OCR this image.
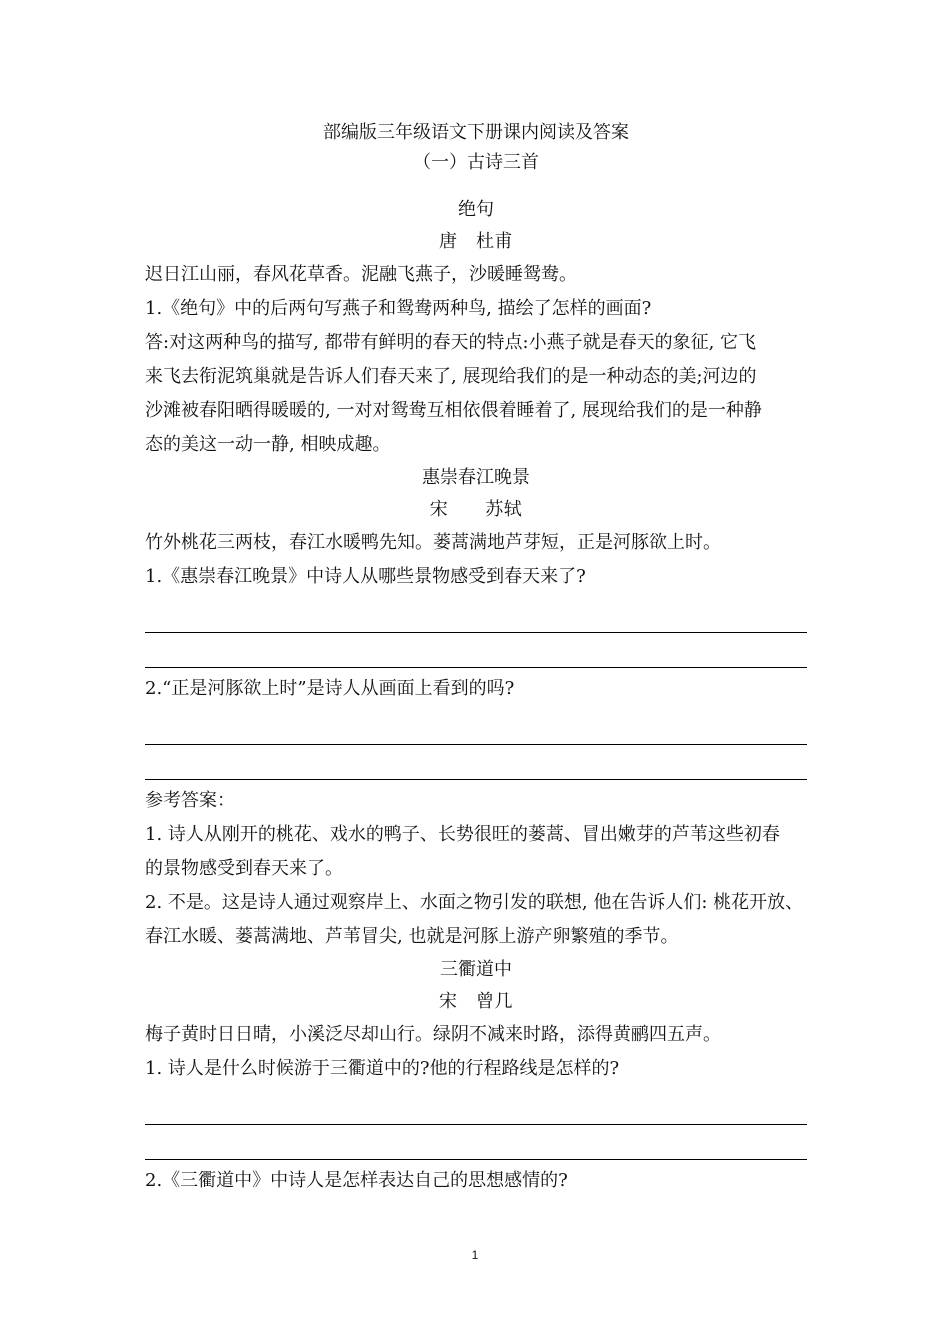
部编版三年级语文下册课内阅读及答案
（一）古诗三首
绝句
唐　杜甫

迟日江山丽，春风花草香。泥融飞燕子，沙暖睡鸳鸯。

1.《绝句》中的后两句写燕子和鸳鸯两种鸟, 描绘了怎样的画面?

答:对这两种鸟的描写, 都带有鲜明的春天的特点:小燕子就是春天的象征, 它飞

来飞去衔泥筑巢就是告诉人们春天来了, 展现给我们的是一种动态的美;河边的

沙滩被春阳晒得暖暖的, 一对对鸳鸯互相依偎着睡着了, 展现给我们的是一种静

态的美这一动一静, 相映成趣。

惠崇春江晚景
宋　　苏轼

竹外桃花三两枝，春江水暖鸭先知。蒌蒿满地芦芽短，正是河豚欲上时。

1.《惠崇春江晚景》中诗人从哪些景物感受到春天来了?

2.“正是河豚欲上时”是诗人从画面上看到的吗?

参考答案：

1. 诗人从刚开的桃花、戏水的鸭子、长势很旺的蒌蒿、冒出嫩芽的芦苇这些初春

的景物感受到春天来了。

2. 不是。这是诗人通过观察岸上、水面之物引发的联想, 他在告诉人们: 桃花开放、

春江水暖、蒌蒿满地、芦苇冒尖, 也就是河豚上游产卵繁殖的季节。

三衢道中
宋　曾几

梅子黄时日日晴，小溪泛尽却山行。绿阴不减来时路，添得黄鹂四五声。

1. 诗人是什么时候游于三衢道中的?他的行程路线是怎样的?

2.《三衢道中》中诗人是怎样表达自己的思想感情的?

1
